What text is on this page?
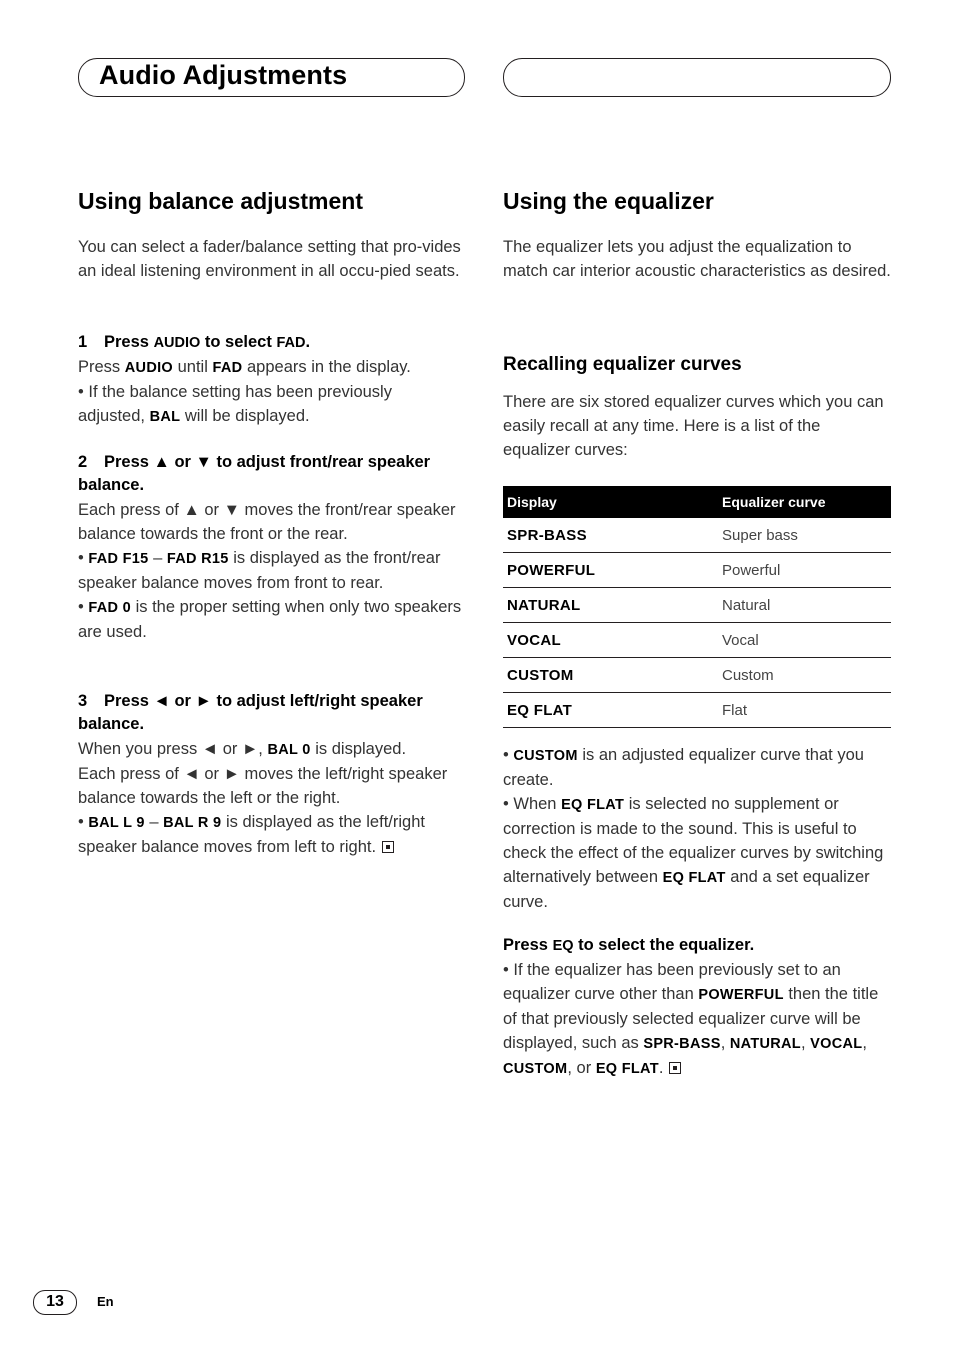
Audio Adjustments
Using balance adjustment

You can select a fader/balance setting that pro-vides an ideal listening environment in all occu-pied seats.

1 Press AUDIO to select FAD.

Press AUDIO until FAD appears in the display.
• If the balance setting has been previously adjusted, BAL will be displayed.

2 Press ▲ or ▼ to adjust front/rear speaker balance.

Each press of ▲ or ▼ moves the front/rear speaker balance towards the front or the rear.
• FAD F15 – FAD R15 is displayed as the front/rear speaker balance moves from front to rear.
• FAD 0 is the proper setting when only two speakers are used.

3 Press ◄ or ► to adjust left/right speaker balance.

When you press ◄ or ►, BAL 0 is displayed.
Each press of ◄ or ► moves the left/right speaker balance towards the left or the right.
• BAL L 9 – BAL R 9 is displayed as the left/right speaker balance moves from left to right.

Using the equalizer

The equalizer lets you adjust the equalization to match car interior acoustic characteristics as desired.

Recalling equalizer curves

There are six stored equalizer curves which you can easily recall at any time. Here is a list of the equalizer curves:

Display	Equalizer curve
SPR-BASS	Super bass
POWERFUL	Powerful
NATURAL	Natural
VOCAL	Vocal
CUSTOM	Custom
EQ FLAT	Flat

• CUSTOM is an adjusted equalizer curve that you create.
• When EQ FLAT is selected no supplement or correction is made to the sound. This is useful to check the effect of the equalizer curves by switching alternatively between EQ FLAT and a set equalizer curve.

Press EQ to select the equalizer.

• If the equalizer has been previously set to an equalizer curve other than POWERFUL then the title of that previously selected equalizer curve will be displayed, such as SPR-BASS, NATURAL, VOCAL, CUSTOM, or EQ FLAT.

13	En
